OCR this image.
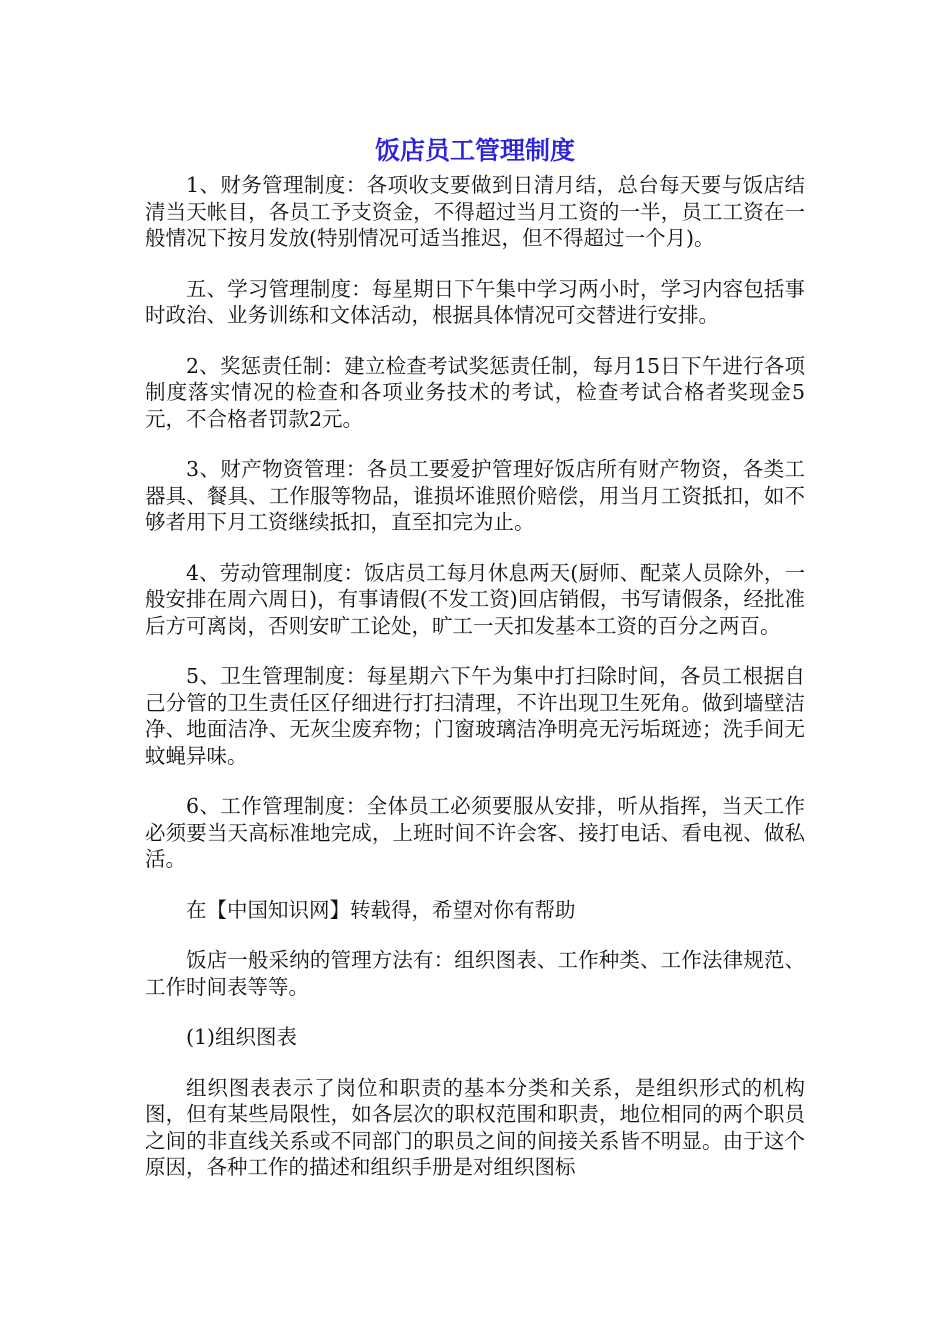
饭店员工管理制度

1、财务管理制度：各项收支要做到日清月结，总台每天要与饭店结清当天帐目，各员工予支资金，不得超过当月工资的一半，员工工资在一般情况下按月发放(特别情况可适当推迟，但不得超过一个月)。

五、学习管理制度：每星期日下午集中学习两小时，学习内容包括事时政治、业务训练和文体活动，根据具体情况可交替进行安排。

2、奖惩责任制：建立检查考试奖惩责任制，每月15日下午进行各项制度落实情况的检查和各项业务技术的考试，检查考试合格者奖现金5元，不合格者罚款2元。

3、财产物资管理：各员工要爱护管理好饭店所有财产物资，各类工器具、餐具、工作服等物品，谁损坏谁照价赔偿，用当月工资抵扣，如不够者用下月工资继续抵扣，直至扣完为止。

4、劳动管理制度：饭店员工每月休息两天(厨师、配菜人员除外，一般安排在周六周日)，有事请假(不发工资)回店销假，书写请假条，经批准后方可离岗，否则安旷工论处，旷工一天扣发基本工资的百分之两百。

5、卫生管理制度：每星期六下午为集中打扫除时间，各员工根据自己分管的卫生责任区仔细进行打扫清理，不许出现卫生死角。做到墙壁洁净、地面洁净、无灰尘废弃物；门窗玻璃洁净明亮无污垢斑迹；洗手间无蚊蝇异味。

6、工作管理制度：全体员工必须要服从安排，听从指挥，当天工作必须要当天高标准地完成，上班时间不许会客、接打电话、看电视、做私活。

在【中国知识网】转载得，希望对你有帮助

饭店一般采纳的管理方法有：组织图表、工作种类、工作法律规范、工作时间表等等。

(1)组织图表

组织图表表示了岗位和职责的基本分类和关系，是组织形式的机构图，但有某些局限性，如各层次的职权范围和职责，地位相同的两个职员之间的非直线关系或不同部门的职员之间的间接关系皆不明显。由于这个原因，各种工作的描述和组织手册是对组织图标
